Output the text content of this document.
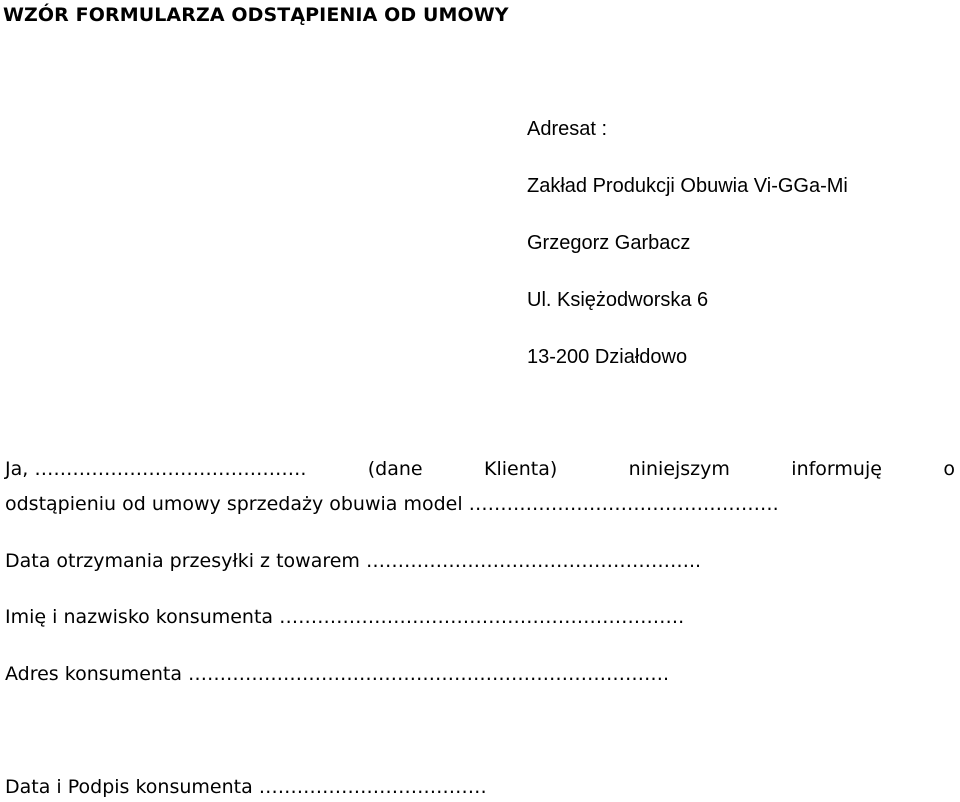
WZÓR FORMULARZA ODSTĄPIENIA OD UMOWY
Adresat :
Zakład Produkcji Obuwia Vi-GGa-Mi
Grzegorz Garbacz
Ul. Księżodworska 6
13-200 Działdowo
Ja, …………………………………….	(dane	Klienta)	niniejszym	informuję	o
odstąpieniu od umowy sprzedaży obuwia model ………………………………………….
Data otrzymania przesyłki z towarem ……………………………………………..
Imię i nazwisko konsumenta ……………………………………………………….
Adres konsumenta ………………………………………………………………….
Data i Podpis konsumenta ………………………………
